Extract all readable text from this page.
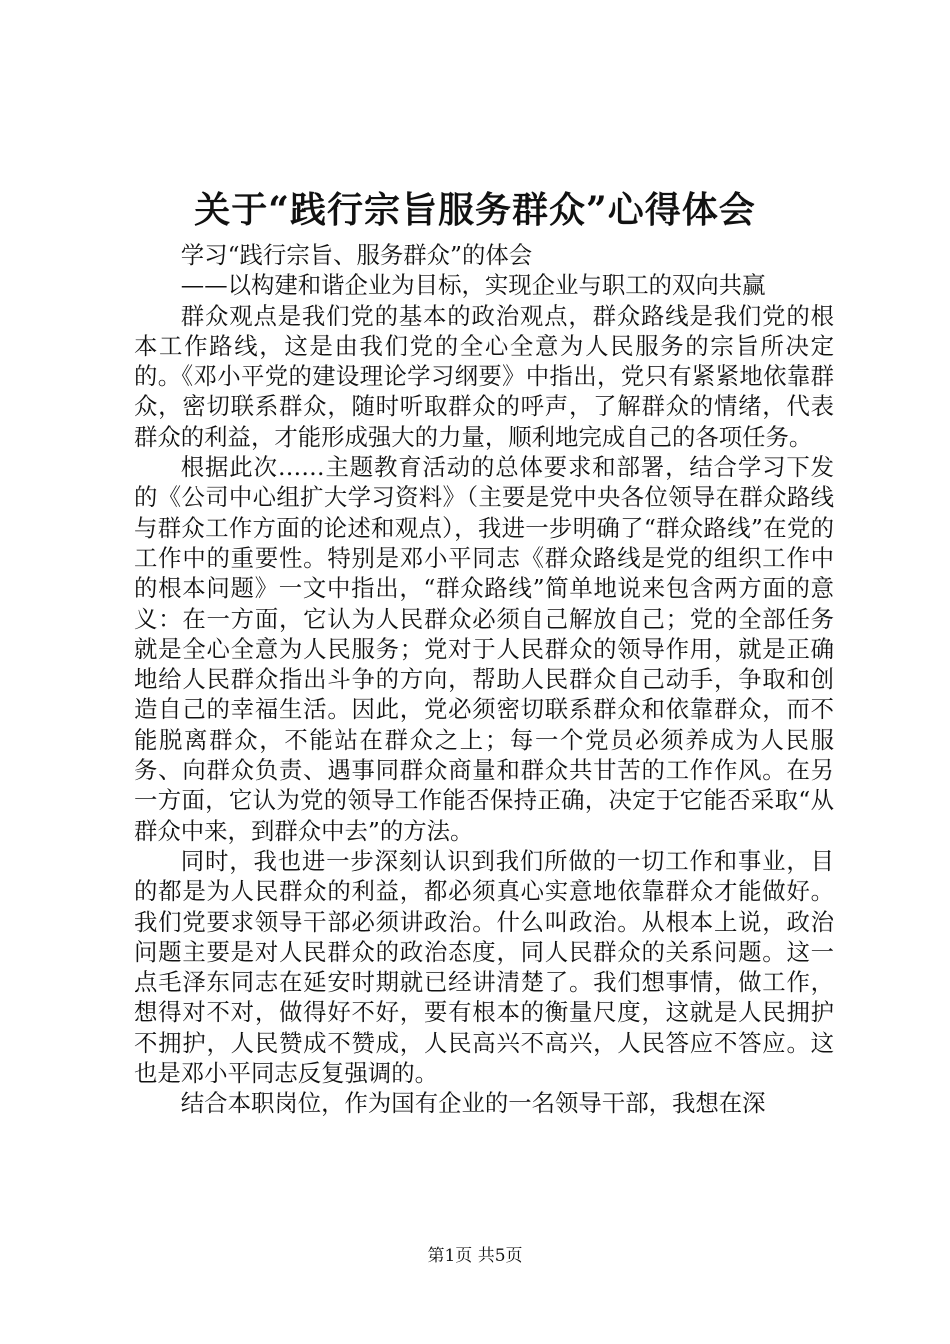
关于“践行宗旨服务群众”心得体会

学习“践行宗旨、服务群众”的体会

——以构建和谐企业为目标，实现企业与职工的双向共赢

群众观点是我们党的基本的政治观点，群众路线是我们党的根本工作路线，这是由我们党的全心全意为人民服务的宗旨所决定的。《邓小平党的建设理论学习纲要》中指出，党只有紧紧地依靠群众，密切联系群众，随时听取群众的呼声，了解群众的情绪，代表群众的利益，才能形成强大的力量，顺利地完成自己的各项任务。

根据此次……主题教育活动的总体要求和部署，结合学习下发的《公司中心组扩大学习资料》（主要是党中央各位领导在群众路线与群众工作方面的论述和观点），我进一步明确了“群众路线”在党的工作中的重要性。特别是邓小平同志《群众路线是党的组织工作中的根本问题》一文中指出，“群众路线”简单地说来包含两方面的意义：在一方面，它认为人民群众必须自己解放自己；党的全部任务就是全心全意为人民服务；党对于人民群众的领导作用，就是正确地给人民群众指出斗争的方向，帮助人民群众自己动手，争取和创造自己的幸福生活。因此，党必须密切联系群众和依靠群众，而不能脱离群众，不能站在群众之上；每一个党员必须养成为人民服务、向群众负责、遇事同群众商量和群众共甘苦的工作作风。在另一方面，它认为党的领导工作能否保持正确，决定于它能否采取“从群众中来，到群众中去”的方法。

同时，我也进一步深刻认识到我们所做的一切工作和事业，目的都是为人民群众的利益，都必须真心实意地依靠群众才能做好。我们党要求领导干部必须讲政治。什么叫政治。从根本上说，政治问题主要是对人民群众的政治态度，同人民群众的关系问题。这一点毛泽东同志在延安时期就已经讲清楚了。我们想事情，做工作，想得对不对，做得好不好，要有根本的衡量尺度，这就是人民拥护不拥护，人民赞成不赞成，人民高兴不高兴，人民答应不答应。这也是邓小平同志反复强调的。

结合本职岗位，作为国有企业的一名领导干部，我想在深

第1页 共5页
